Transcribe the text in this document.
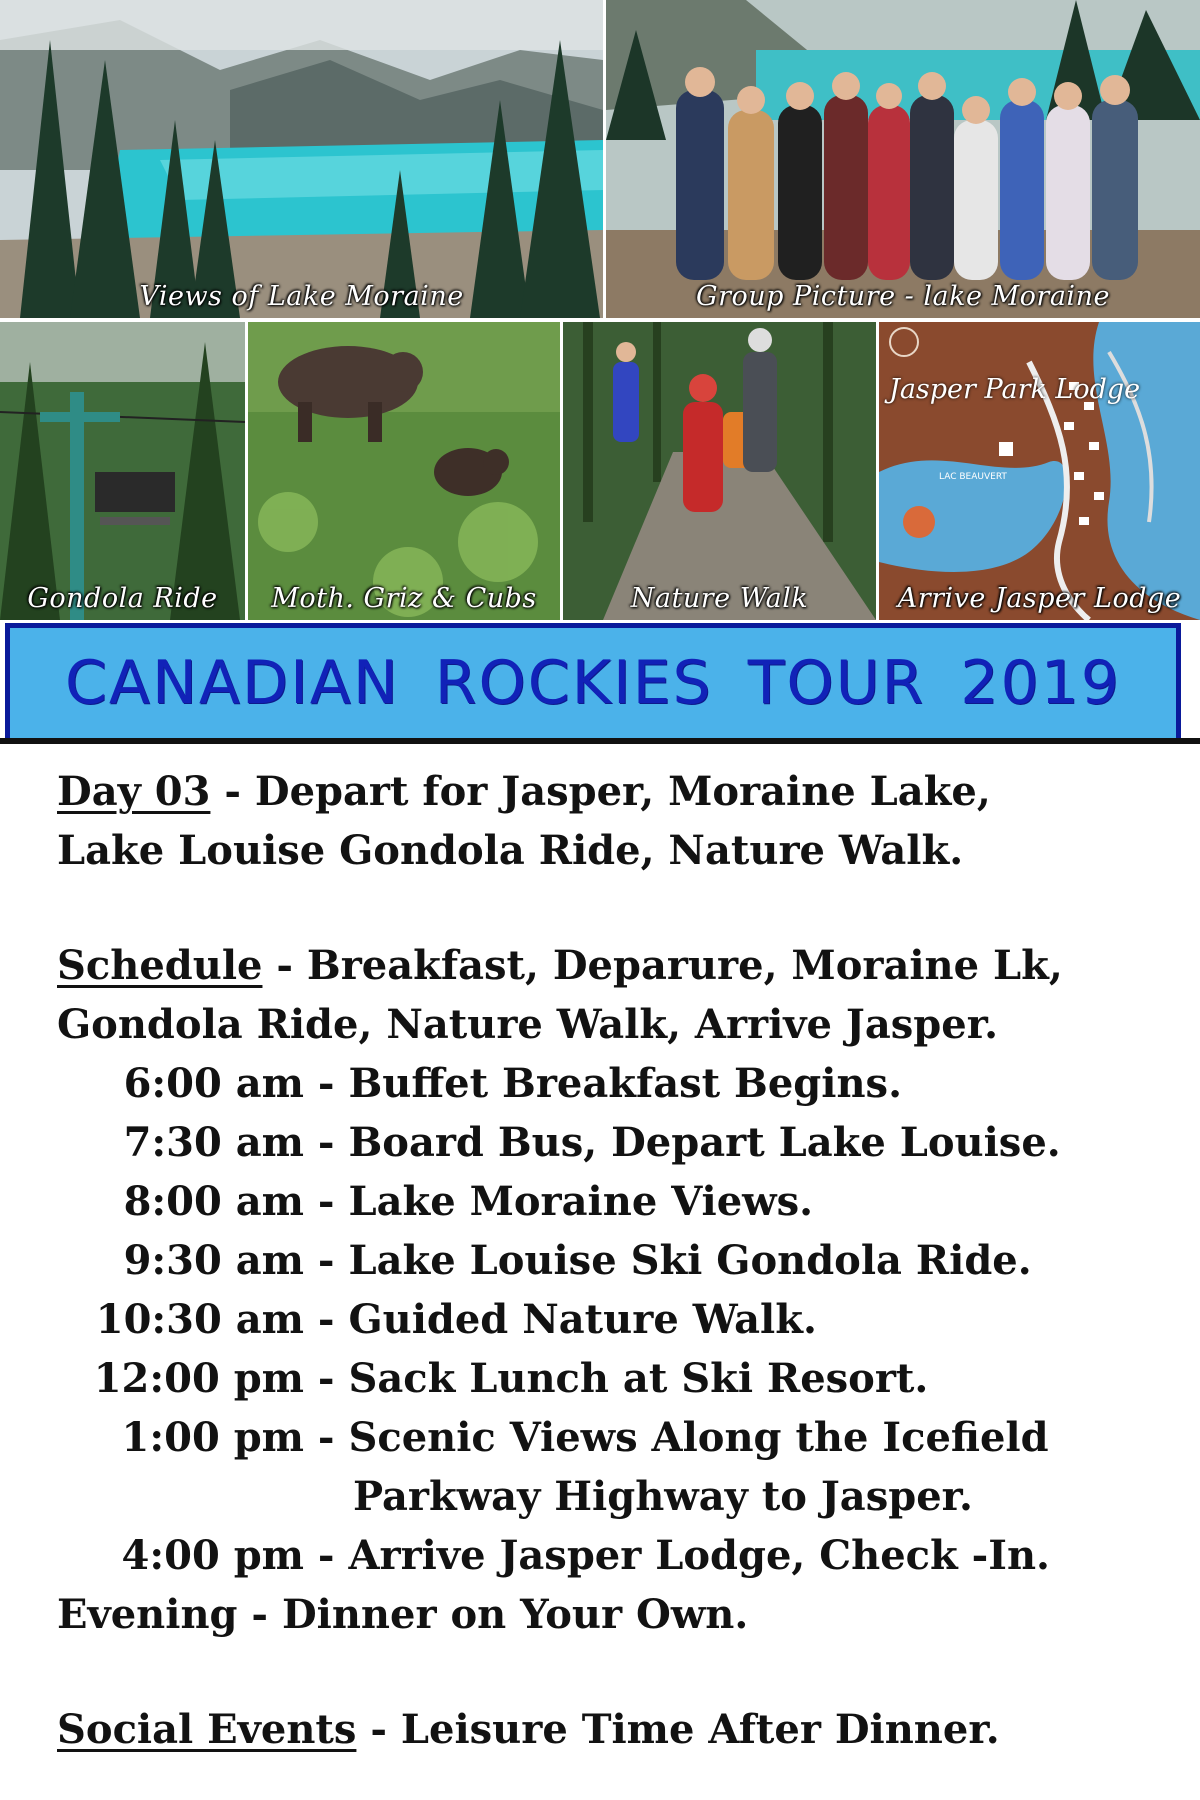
Views of Lake Moraine	Group Picture - lake Moraine
Gondola Ride	Moth. Griz & Cubs	Nature Walk
Jasper Park Lodge
LAC BEAUVERT
Arrive Jasper Lodge
CANADIAN ROCKIES TOUR 2019
Day 03 - Depart for Jasper, Moraine Lake,
Lake Louise Gondola Ride, Nature Walk.
Schedule - Breakfast, Deparure, Moraine Lk,
Gondola Ride, Nature Walk, Arrive Jasper.
6:00 am - Buffet Breakfast Begins.
7:30 am - Board Bus, Depart Lake Louise.
8:00 am - Lake Moraine Views.
9:30 am - Lake Louise Ski Gondola Ride.
10:30 am - Guided Nature Walk.
12:00 pm - Sack Lunch at Ski Resort.
1:00 pm - Scenic Views Along the Icefield
Parkway Highway to Jasper.
4:00 pm - Arrive Jasper Lodge, Check -In.
Evening - Dinner on Your Own.
Social Events - Leisure Time After Dinner.
